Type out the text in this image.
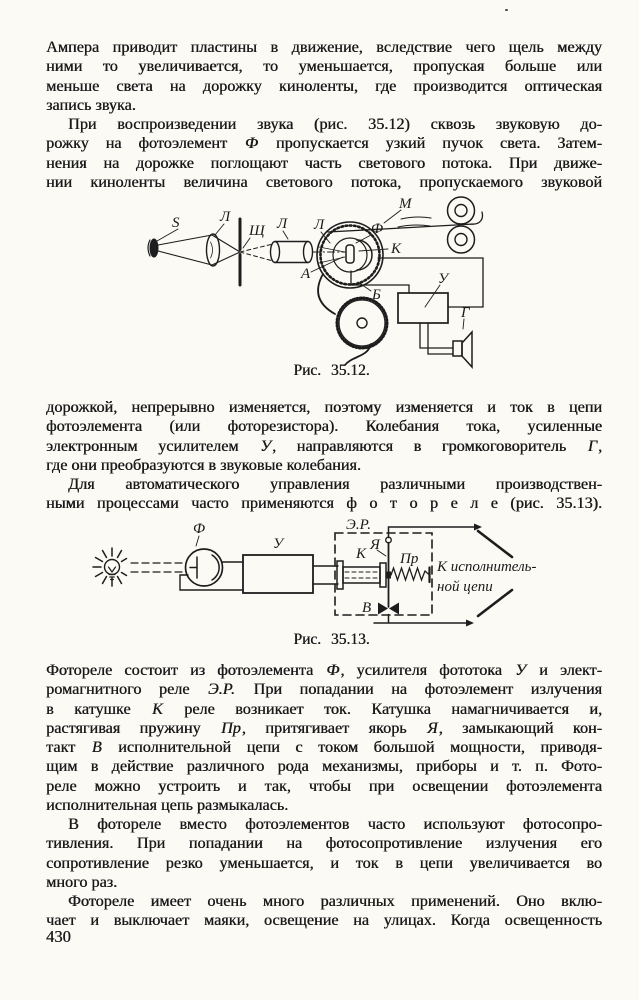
Ампера приводит пластины в движение, вследствие чего щель между
ними то увеличивается, то уменьшается, пропуская больше или
меньше света на дорожку киноленты, где производится оптическая
запись звука.
При воспроизведении звука (рис. 35.12) сквозь звуковую до-
рожку на фотоэлемент Ф пропускается узкий пучок света. Затем-
нения на дорожке поглощают часть светового потока. При движе-
нии киноленты величина светового потока, пропускаемого звуковой
S	Л
Щ Л Л	Ф
К
А
Б
М
У
Г
Рис. 35.12.
дорожкой, непрерывно изменяется, поэтому изменяется и ток в цепи
фотоэлемента (или фоторезистора). Колебания тока, усиленные
электронным усилителем У, направляются в громкоговоритель Г,
где они преобразуются в звуковые колебания.
Для автоматического управления различными производствен-
ными процессами часто применяются ф о т о р е л е (рис. 35.13).
Ф
У
Э.Р.
К
Я
Пр
В
К исполнитель-
ной цепи
Рис. 35.13.
Фотореле состоит из фотоэлемента Ф, усилителя фототока У и элект-
ромагнитного реле Э.Р. При попадании на фотоэлемент излучения
в катушке К реле возникает ток. Катушка намагничивается и,
растягивая пружину Пр, притягивает якорь Я, замыкающий кон-
такт В исполнительной цепи с током большой мощности, приводя-
щим в действие различного рода механизмы, приборы и т. п. Фото-
реле можно устроить и так, чтобы при освещении фотоэлемента
исполнительная цепь размыкалась.
В фотореле вместо фотоэлементов часто используют фотосопро-
тивления. При попадании на фотосопротивление излучения его
сопротивление резко уменьшается, и ток в цепи увеличивается во
много раз.
Фотореле имеет очень много различных применений. Оно вклю-
чает и выключает маяки, освещение на улицах. Когда освещенность
430
